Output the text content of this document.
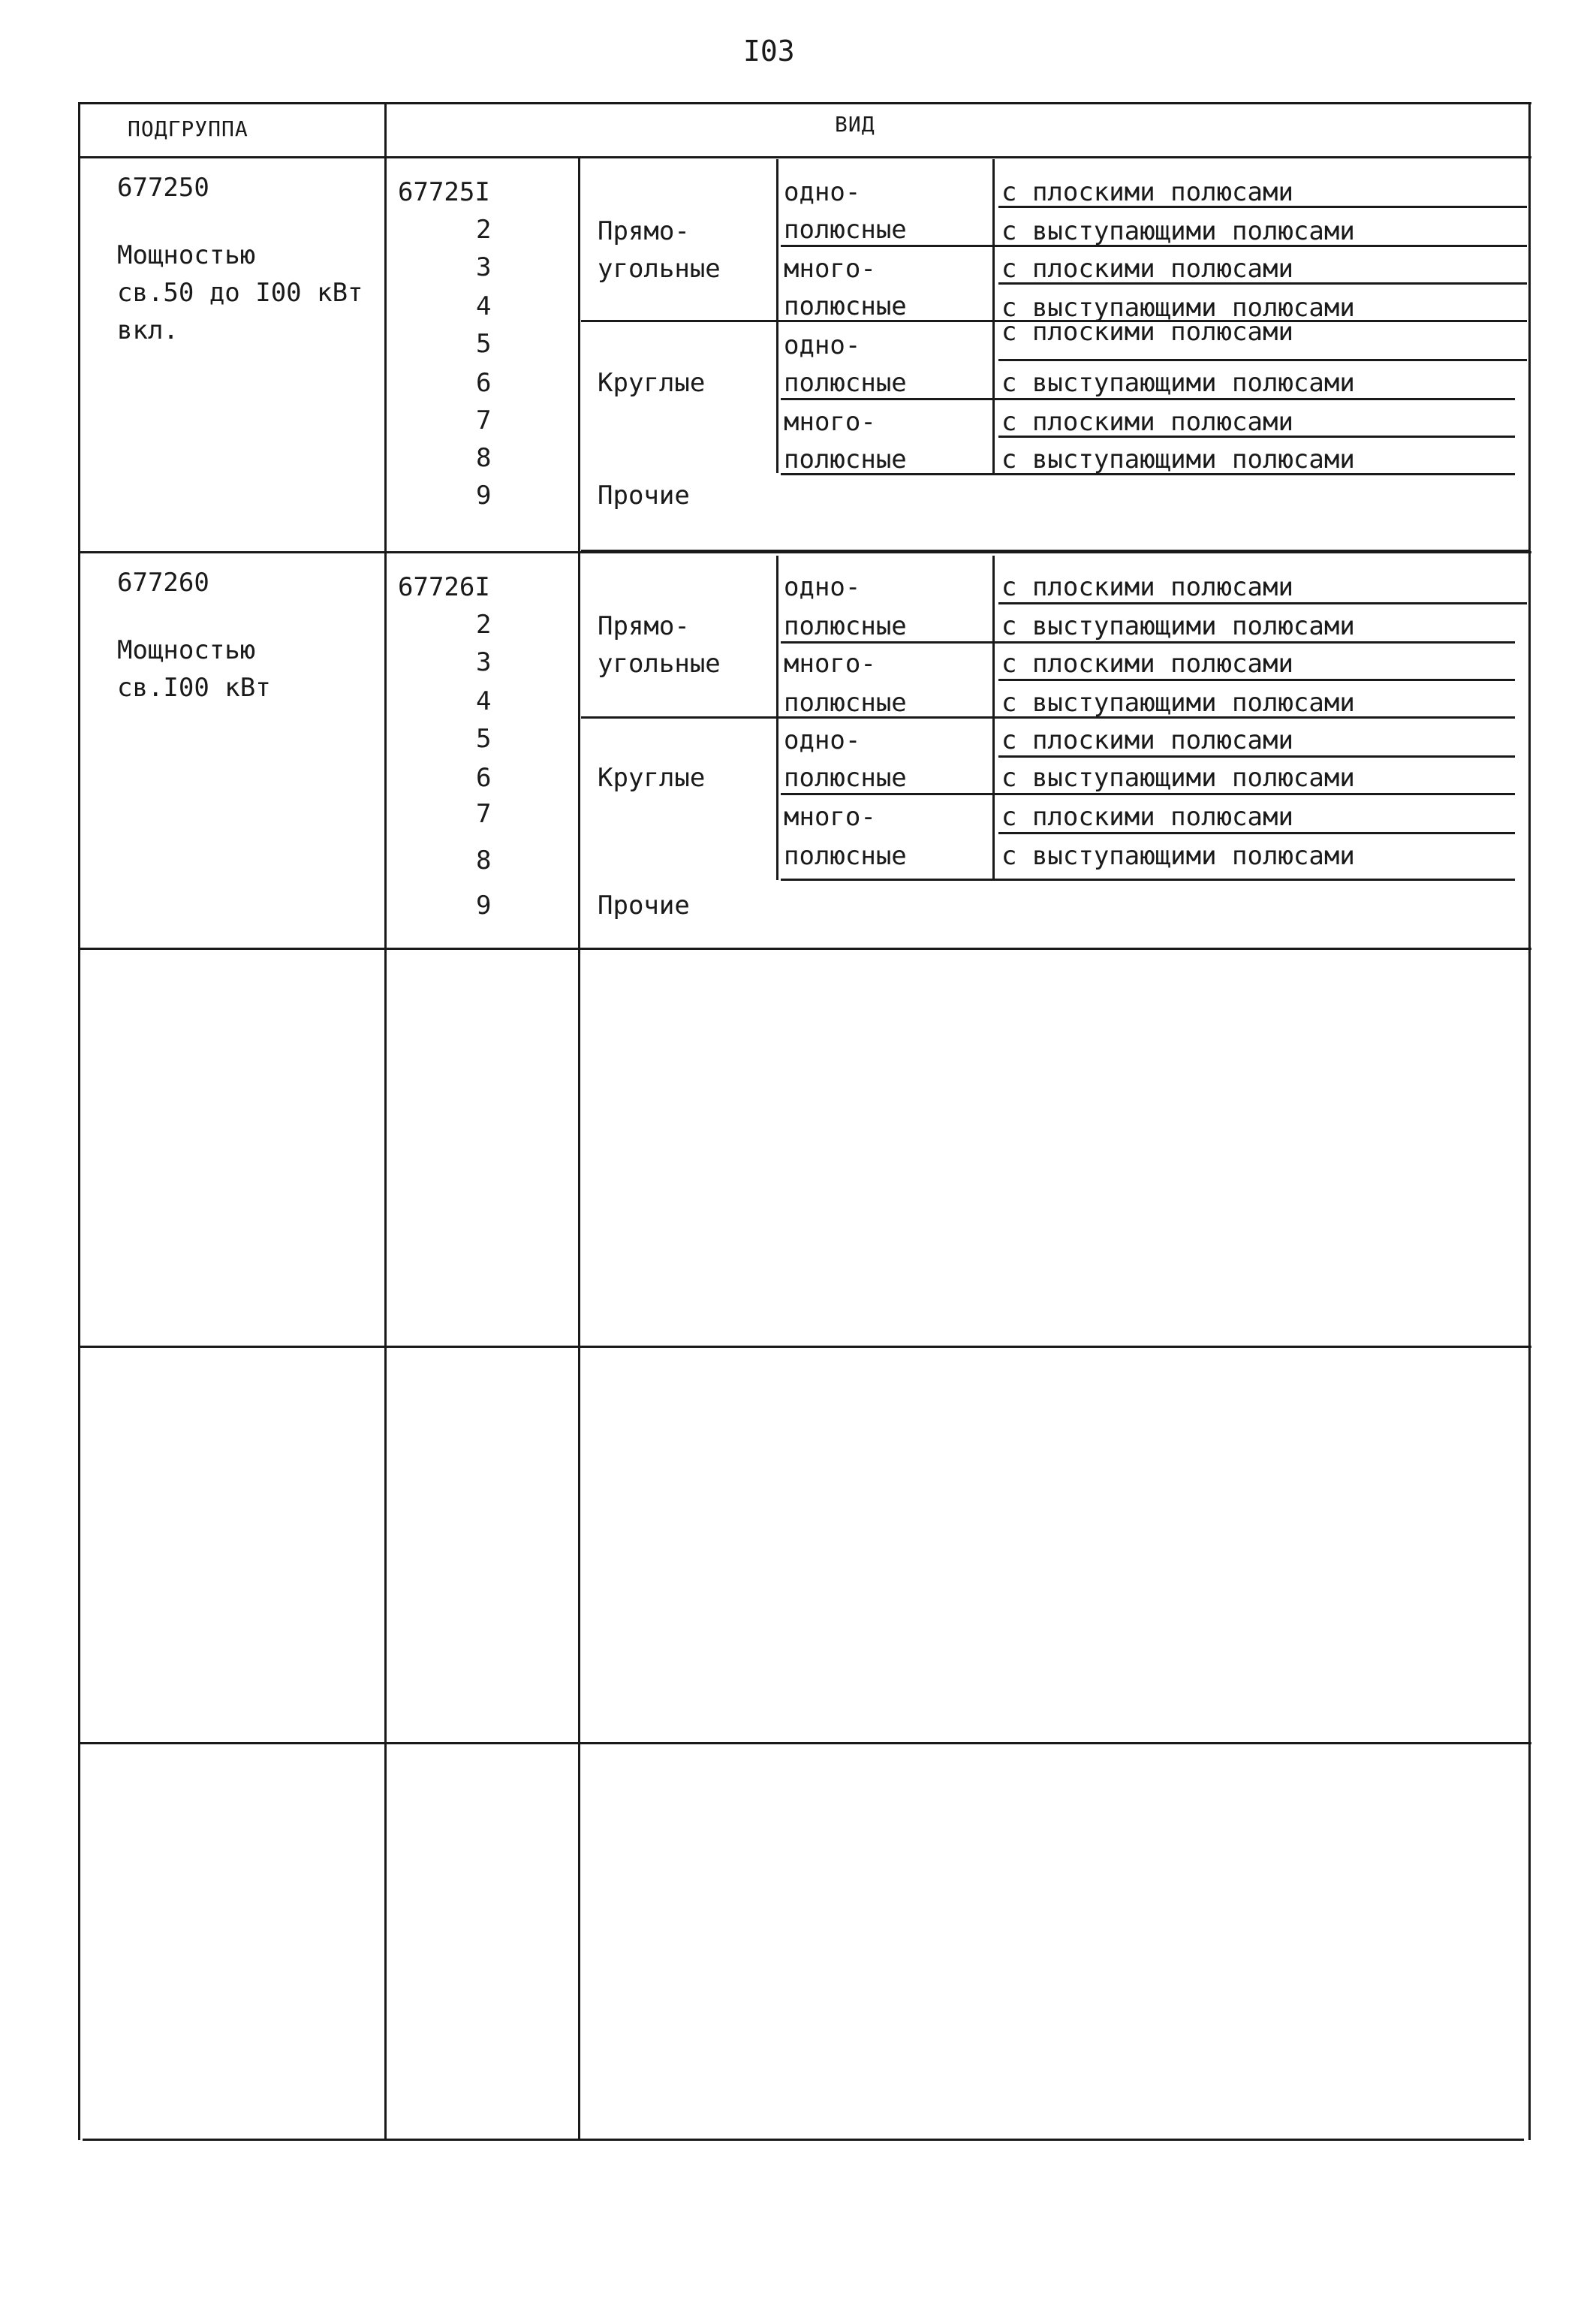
I03
ПОДГРУППА	ВИД
677250
Мощностью
св.50 до I00 кВт
вкл.
67725I
2
3
4
5
6
7
8
9
Прямо-
угольные
Круглые
одно-
полюсные
много-
полюсные
одно-
полюсные
много-
полюсные
с плоскими полюсами
с выступающими полюсами
с плоскими полюсами
с выступающими полюсами
с плоскими полюсами
с выступающими полюсами
с плоскими полюсами
с выступающими полюсами
Прочие
677260
Мощностью
св.I00 кВт
67726I
2
3
4
5
6
7
8
9
Прямо-
угольные
Круглые
одно-
полюсные
много-
полюсные
одно-
полюсные
много-
полюсные
с плоскими полюсами
с выступающими полюсами
с плоскими полюсами
с выступающими полюсами
с плоскими полюсами
с выступающими полюсами
с плоскими полюсами
с выступающими полюсами
Прочие
